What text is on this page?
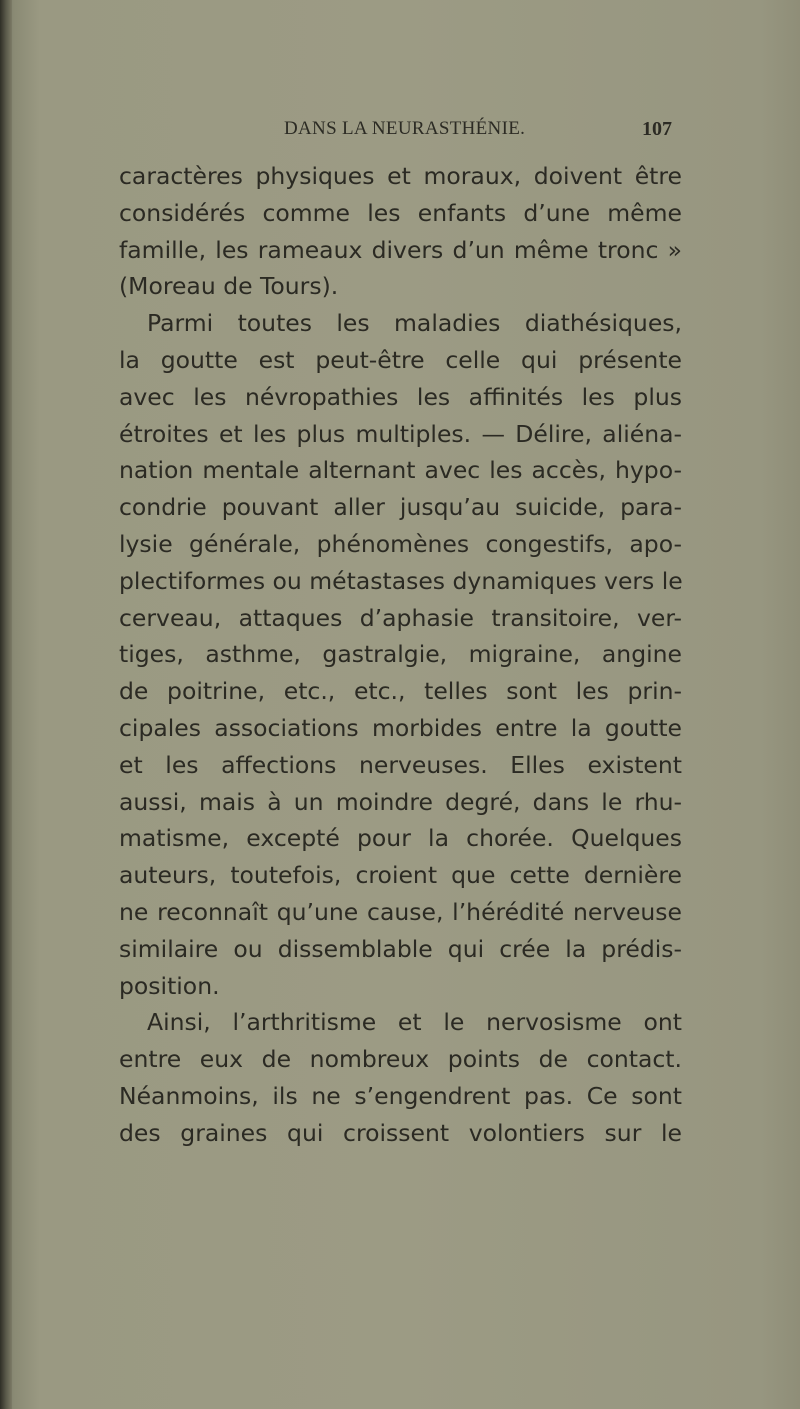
DANS LA NEURASTHÉNIE.	107
caractères physiques et moraux, doivent être
considérés comme les enfants d’une même
famille, les rameaux divers d’un même tronc »
(Moreau de Tours).
Parmi toutes les maladies diathésiques,
la goutte est peut-être celle qui présente
avec les névropathies les affinités les plus
étroites et les plus multiples. — Délire, aliéna-
nation mentale alternant avec les accès, hypo-
condrie pouvant aller jusqu’au suicide, para-
lysie générale, phénomènes congestifs, apo-
plectiformes ou métastases dynamiques vers le
cerveau, attaques d’aphasie transitoire, ver-
tiges, asthme, gastralgie, migraine, angine
de poitrine, etc., etc., telles sont les prin-
cipales associations morbides entre la goutte
et les affections nerveuses. Elles existent
aussi, mais à un moindre degré, dans le rhu-
matisme, excepté pour la chorée. Quelques
auteurs, toutefois, croient que cette dernière
ne reconnaît qu’une cause, l’hérédité nerveuse
similaire ou dissemblable qui crée la prédis-
position.
Ainsi, l’arthritisme et le nervosisme ont
entre eux de nombreux points de contact.
Néanmoins, ils ne s’engendrent pas. Ce sont
des graines qui croissent volontiers sur le
